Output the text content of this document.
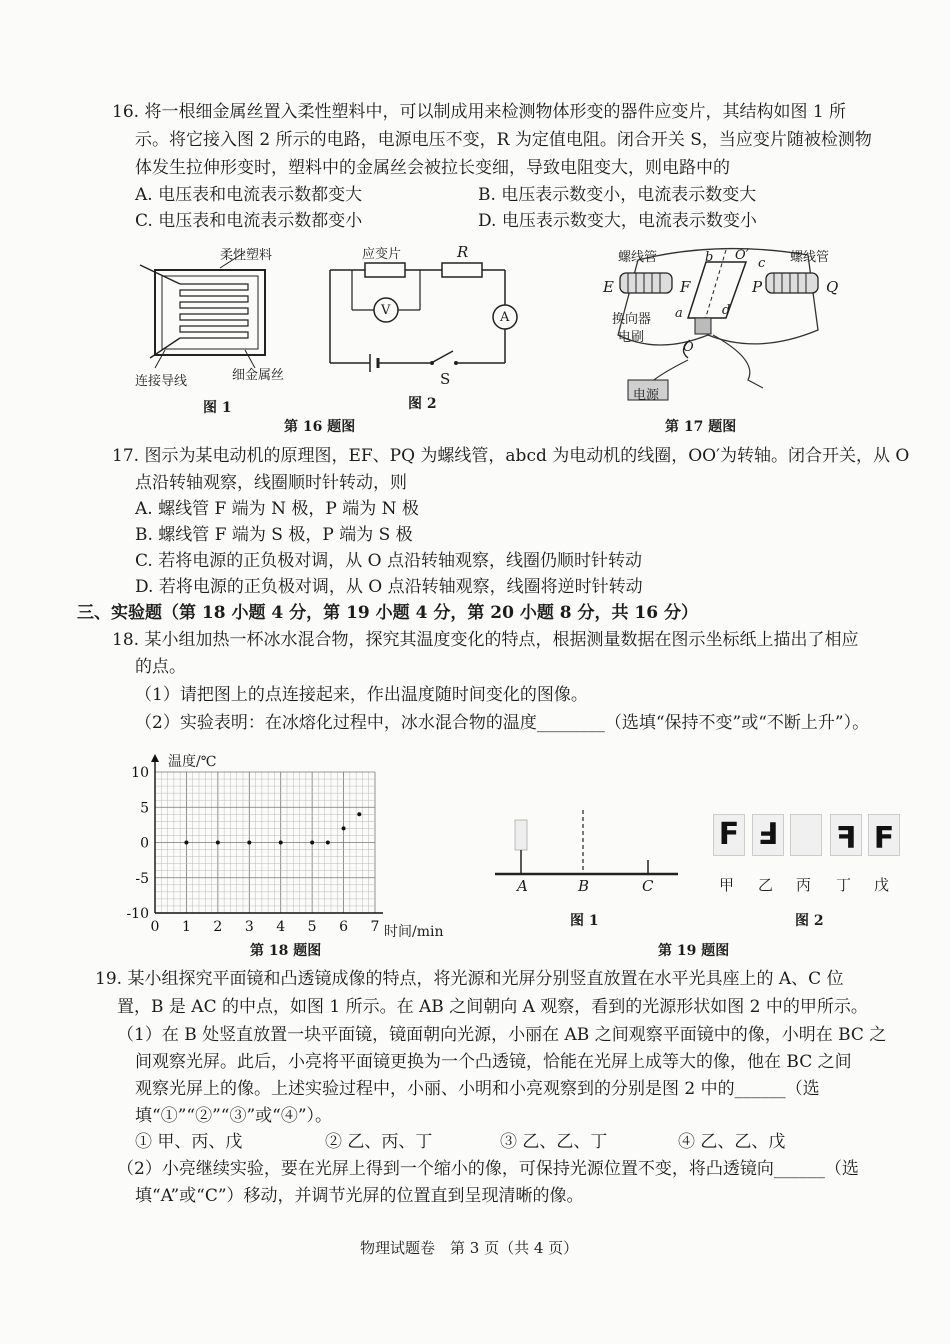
16. 将一根细金属丝置入柔性塑料中，可以制成用来检测物体形变的器件应变片，其结构如图 1 所
示。将它接入图 2 所示的电路，电源电压不变，R 为定值电阻。闭合开关 S，当应变片随被检测物
体发生拉伸形变时，塑料中的金属丝会被拉长变细，导致电阻变大，则电路中的
A. 电压表和电流表示数都变大	B. 电压表示数变小，电流表示数变大
C. 电压表和电流表示数都变小	D. 电压表示数变大，电流表示数变小
柔性塑料
连接导线	细金属丝
图 1
应变片	R
V	A
S
图 2
第 16 题图
螺线管	螺线管
E	F	P	Q
b O′
c
a	d
换向器
电刷
O
电源
第 17 题图
17. 图示为某电动机的原理图，EF、PQ 为螺线管，abcd 为电动机的线圈，OO′为转轴。闭合开关，从 O
点沿转轴观察，线圈顺时针转动，则
A. 螺线管 F 端为 N 极，P 端为 N 极
B. 螺线管 F 端为 S 极，P 端为 S 极
C. 若将电源的正负极对调，从 O 点沿转轴观察，线圈仍顺时针转动
D. 若将电源的正负极对调，从 O 点沿转轴观察，线圈将逆时针转动
三、实验题（第 18 小题 4 分，第 19 小题 4 分，第 20 小题 8 分，共 16 分）
18. 某小组加热一杯冰水混合物，探究其温度变化的特点，根据测量数据在图示坐标纸上描出了相应
的点。
（1）请把图上的点连接起来，作出温度随时间变化的图像。
（2）实验表明：在冰熔化过程中，冰水混合物的温度________（选填“保持不变”或“不断上升”）。
0 1 2 3 4 5 6 7
10
5
0
-5
-10
温度/℃
时间/min
第 18 题图
A	B	C
图 1
F
甲
Ⅎ
乙 丙
Ⅎ
丁
Ⅎ
戊
图 2
第 19 题图
19. 某小组探究平面镜和凸透镜成像的特点，将光源和光屏分别竖直放置在水平光具座上的 A、C 位
置，B 是 AC 的中点，如图 1 所示。在 AB 之间朝向 A 观察，看到的光源形状如图 2 中的甲所示。
（1）在 B 处竖直放置一块平面镜，镜面朝向光源，小丽在 AB 之间观察平面镜中的像，小明在 BC 之
间观察光屏。此后，小亮将平面镜更换为一个凸透镜，恰能在光屏上成等大的像，他在 BC 之间
观察光屏上的像。上述实验过程中，小丽、小明和小亮观察到的分别是图 2 中的______（选
填“①”“②”“③”或“④”）。
① 甲、丙、戊	② 乙、丙、丁	③ 乙、乙、丁	④ 乙、乙、戊
（2）小亮继续实验，要在光屏上得到一个缩小的像，可保持光源位置不变，将凸透镜向______（选
填“A”或“C”）移动，并调节光屏的位置直到呈现清晰的像。
物理试题卷　第 3 页（共 4 页）
